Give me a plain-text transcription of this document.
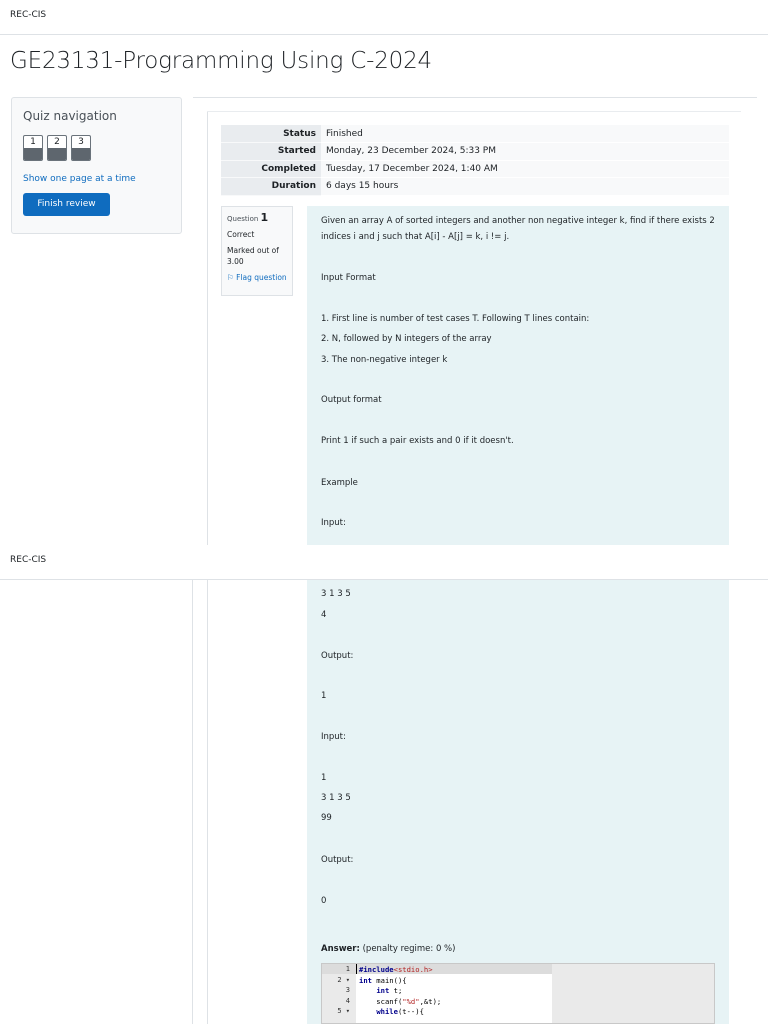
REC-CIS
GE23131-Programming Using C-2024
Quiz navigation
1	2	3
Show one page at a time
Finish review
Status	Finished
Started	Monday, 23 December 2024, 5:33 PM
Completed	Tuesday, 17 December 2024, 1:40 AM
Duration	6 days 15 hours
Question 1
Correct
Marked out of 3.00
⚐ Flag question
Given an array A of sorted integers and another non negative integer k, find if there exists 2 indices i and j such that A[i] - A[j] = k, i != j.
Input Format
1. First line is number of test cases T. Following T lines contain:
2. N, followed by N integers of the array
3. The non-negative integer k
Output format
Print 1 if such a pair exists and 0 if it doesn't.
Example
Input:
REC-CIS
3 1 3 5
4
Output:
1
Input:
1
3 1 3 5
99
Output:
0
Answer: (penalty regime: 0 %)
1
2 ▾
3
4
5 ▾
#include<stdio.h>
int main(){
int t;
scanf("%d",&t);
while(t--){
